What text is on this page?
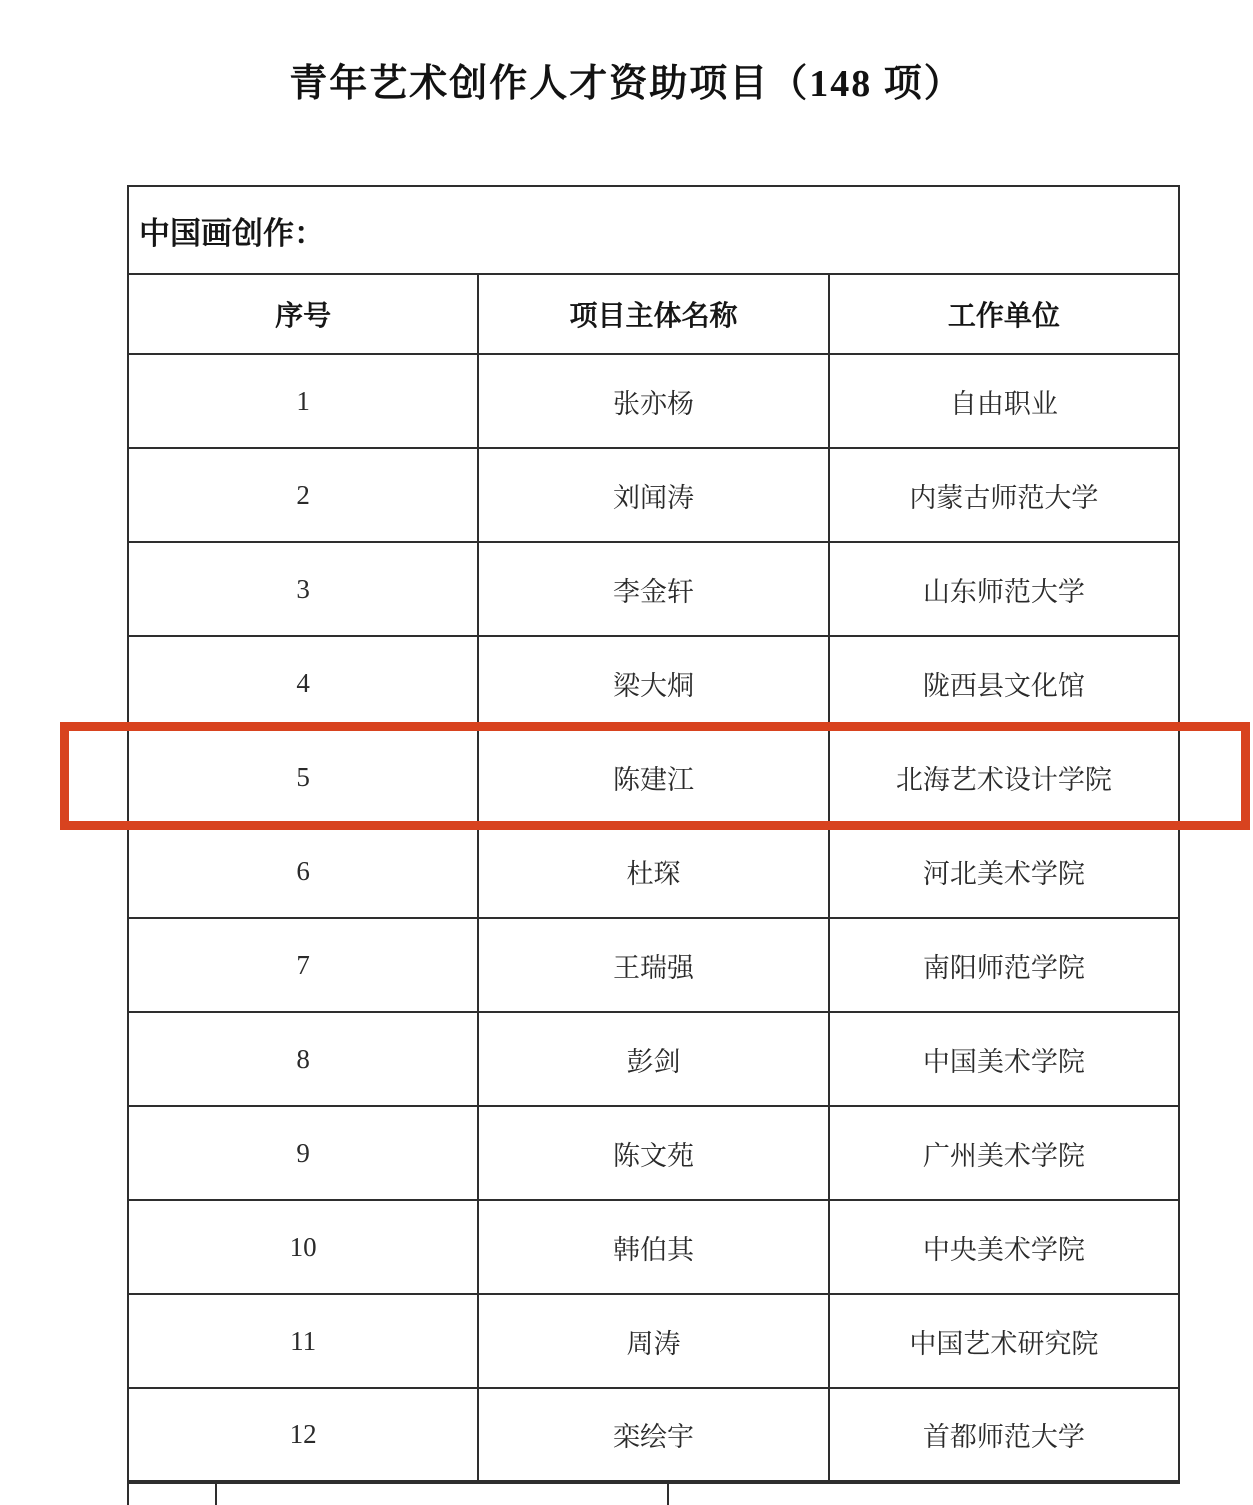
青年艺术创作人才资助项目（148 项）
中国画创作：		
序号	项目主体名称	工作单位
1	张亦杨	自由职业
2	刘闻涛	内蒙古师范大学
3	李金轩	山东师范大学
4	梁大烔	陇西县文化馆
5	陈建江	北海艺术设计学院
6	杜琛	河北美术学院
7	王瑞强	南阳师范学院
8	彭剑	中国美术学院
9	陈文苑	广州美术学院
10	韩伯其	中央美术学院
11	周涛	中国艺术研究院
12	栾绘宇	首都师范大学
